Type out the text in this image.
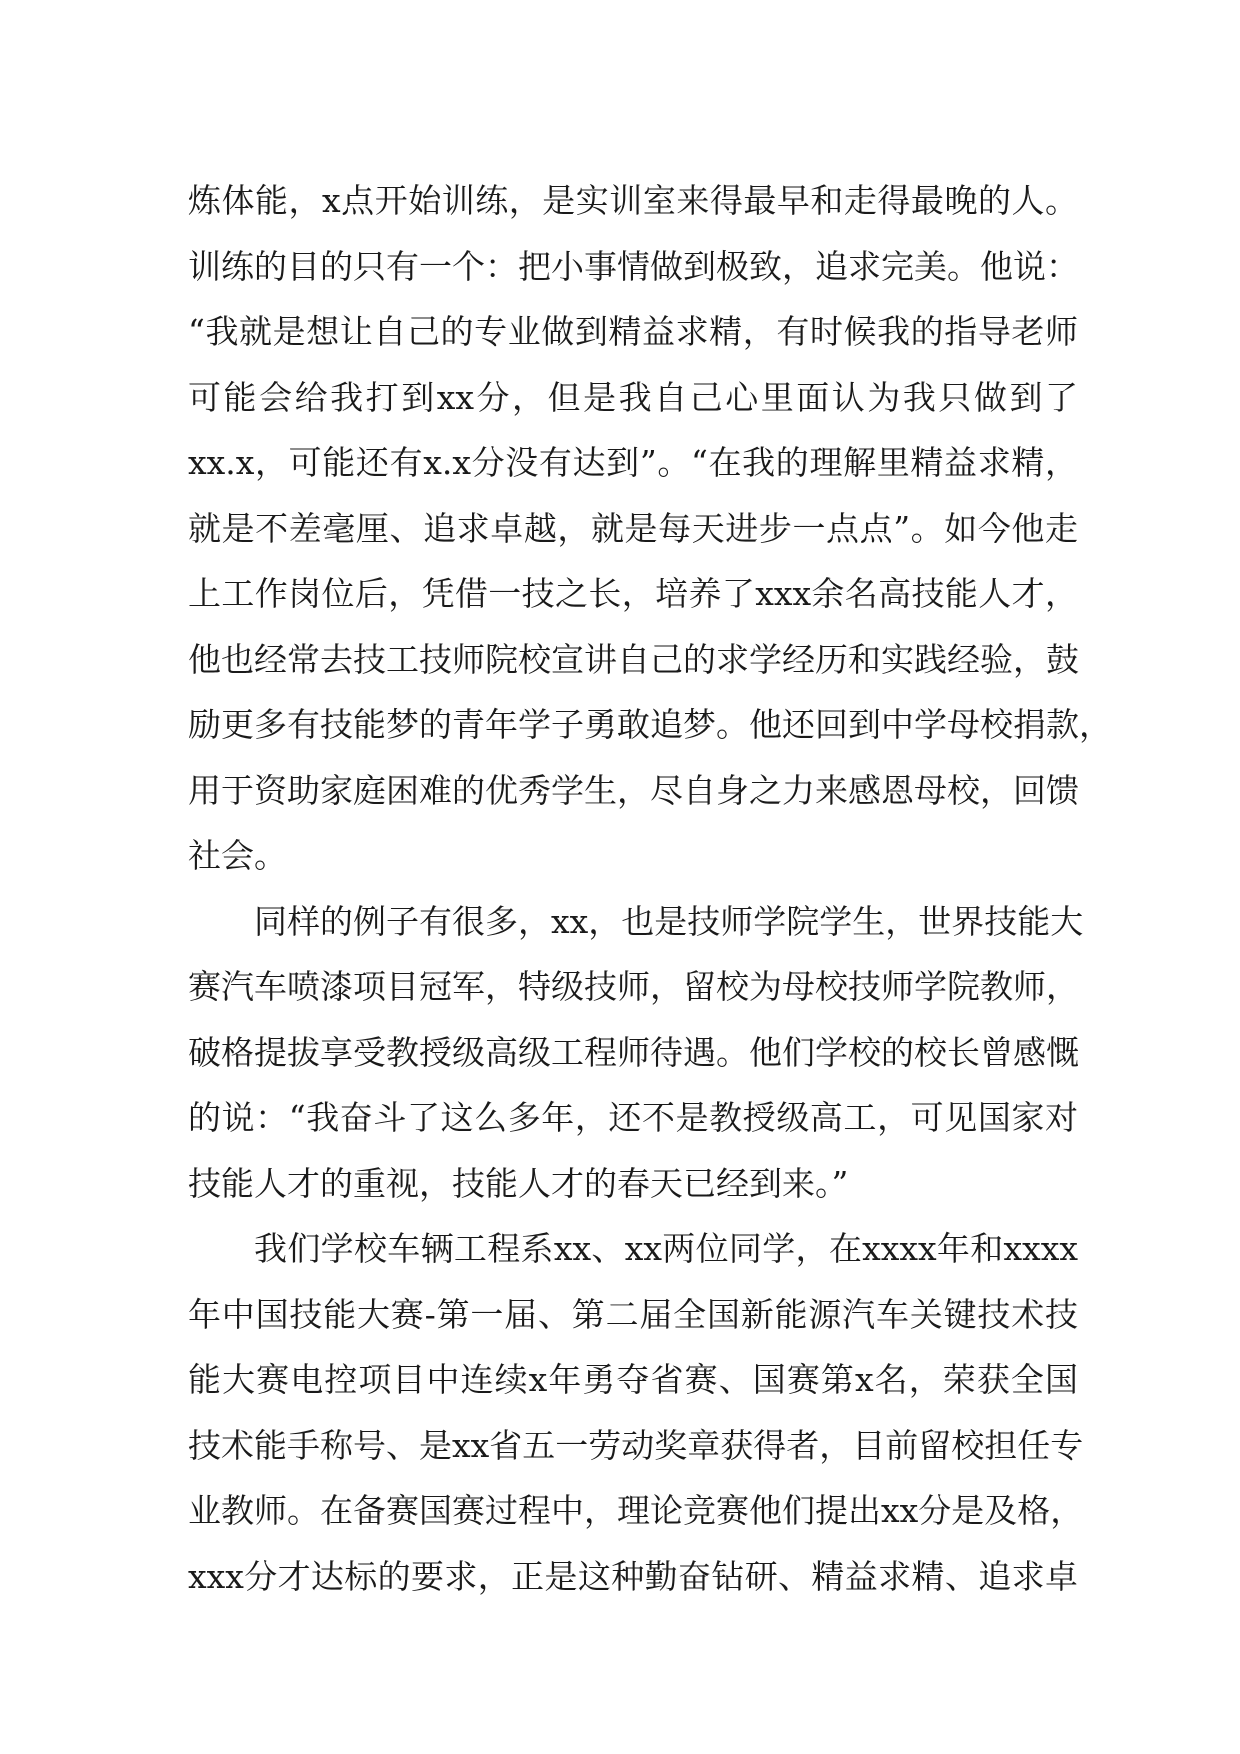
炼体能，x点开始训练，是实训室来得最早和走得最晚的人。
训练的目的只有一个：把小事情做到极致，追求完美。他说：
“我就是想让自己的专业做到精益求精，有时候我的指导老师
可能会给我打到xx分，但是我自己心里面认为我只做到了
xx.x，可能还有x.x分没有达到”。“在我的理解里精益求精，
就是不差毫厘、追求卓越，就是每天进步一点点”。如今他走
上工作岗位后，凭借一技之长，培养了xxx余名高技能人才，
他也经常去技工技师院校宣讲自己的求学经历和实践经验，鼓
励更多有技能梦的青年学子勇敢追梦。他还回到中学母校捐款，
用于资助家庭困难的优秀学生，尽自身之力来感恩母校，回馈
社会。
同样的例子有很多，xx，也是技师学院学生，世界技能大
赛汽车喷漆项目冠军，特级技师，留校为母校技师学院教师，
破格提拔享受教授级高级工程师待遇。他们学校的校长曾感慨
的说：“我奋斗了这么多年，还不是教授级高工，可见国家对
技能人才的重视，技能人才的春天已经到来。”
我们学校车辆工程系xx、xx两位同学，在xxxx年和xxxx
年中国技能大赛-第一届、第二届全国新能源汽车关键技术技
能大赛电控项目中连续x年勇夺省赛、国赛第x名，荣获全国
技术能手称号、是xx省五一劳动奖章获得者，目前留校担任专
业教师。在备赛国赛过程中，理论竞赛他们提出xx分是及格，
xxx分才达标的要求，正是这种勤奋钻研、精益求精、追求卓
